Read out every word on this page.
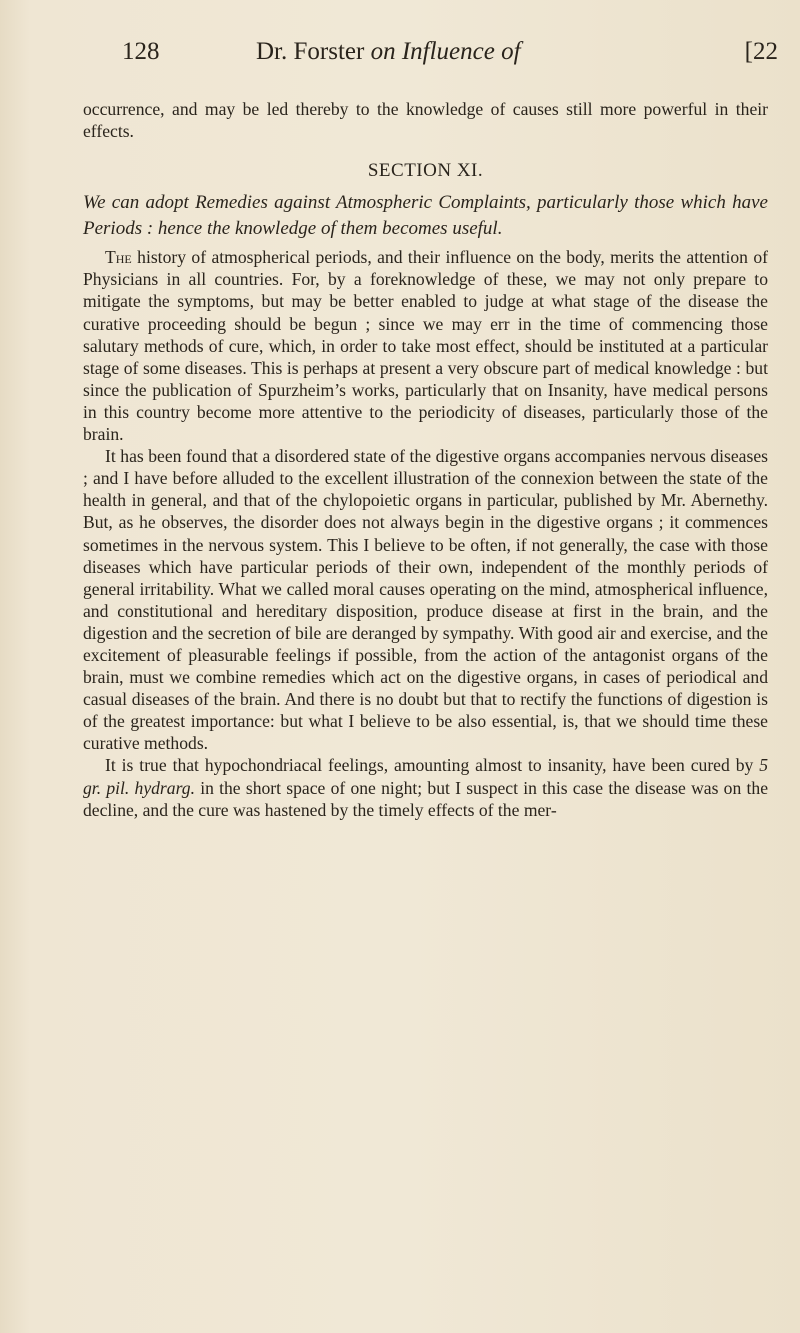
128	Dr. Forster on Influence of	[22

occurrence, and may be led thereby to the knowledge of causes still more powerful in their effects.

SECTION XI.

We can adopt Remedies against Atmospheric Complaints, particularly those which have Periods : hence the knowledge of them becomes useful.

The history of atmospherical periods, and their influence on the body, merits the attention of Physicians in all countries. For, by a foreknowledge of these, we may not only prepare to mitigate the symptoms, but may be better enabled to judge at what stage of the disease the curative proceeding should be begun ; since we may err in the time of commencing those salutary methods of cure, which, in order to take most effect, should be instituted at a particular stage of some diseases. This is perhaps at present a very obscure part of medical knowledge : but since the publication of Spurzheim’s works, particularly that on Insanity, have medical persons in this country become more attentive to the periodicity of diseases, particularly those of the brain.

It has been found that a disordered state of the digestive organs accompanies nervous diseases ; and I have before alluded to the excellent illustration of the connexion between the state of the health in general, and that of the chylopoietic organs in particular, published by Mr. Abernethy. But, as he observes, the disorder does not always begin in the digestive organs ; it commences sometimes in the nervous system. This I believe to be often, if not generally, the case with those diseases which have particular periods of their own, independent of the monthly periods of general irritability. What we called moral causes operating on the mind, atmospherical influence, and constitutional and hereditary disposition, produce disease at first in the brain, and the digestion and the secretion of bile are deranged by sympathy. With good air and exercise, and the excitement of pleasurable feelings if possible, from the action of the antagonist organs of the brain, must we combine remedies which act on the digestive organs, in cases of periodical and casual diseases of the brain. And there is no doubt but that to rectify the functions of digestion is of the greatest importance: but what I believe to be also essential, is, that we should time these curative methods.

It is true that hypochondriacal feelings, amounting almost to insanity, have been cured by 5 gr. pil. hydrarg. in the short space of one night; but I suspect in this case the disease was on the decline, and the cure was hastened by the timely effects of the mer-
